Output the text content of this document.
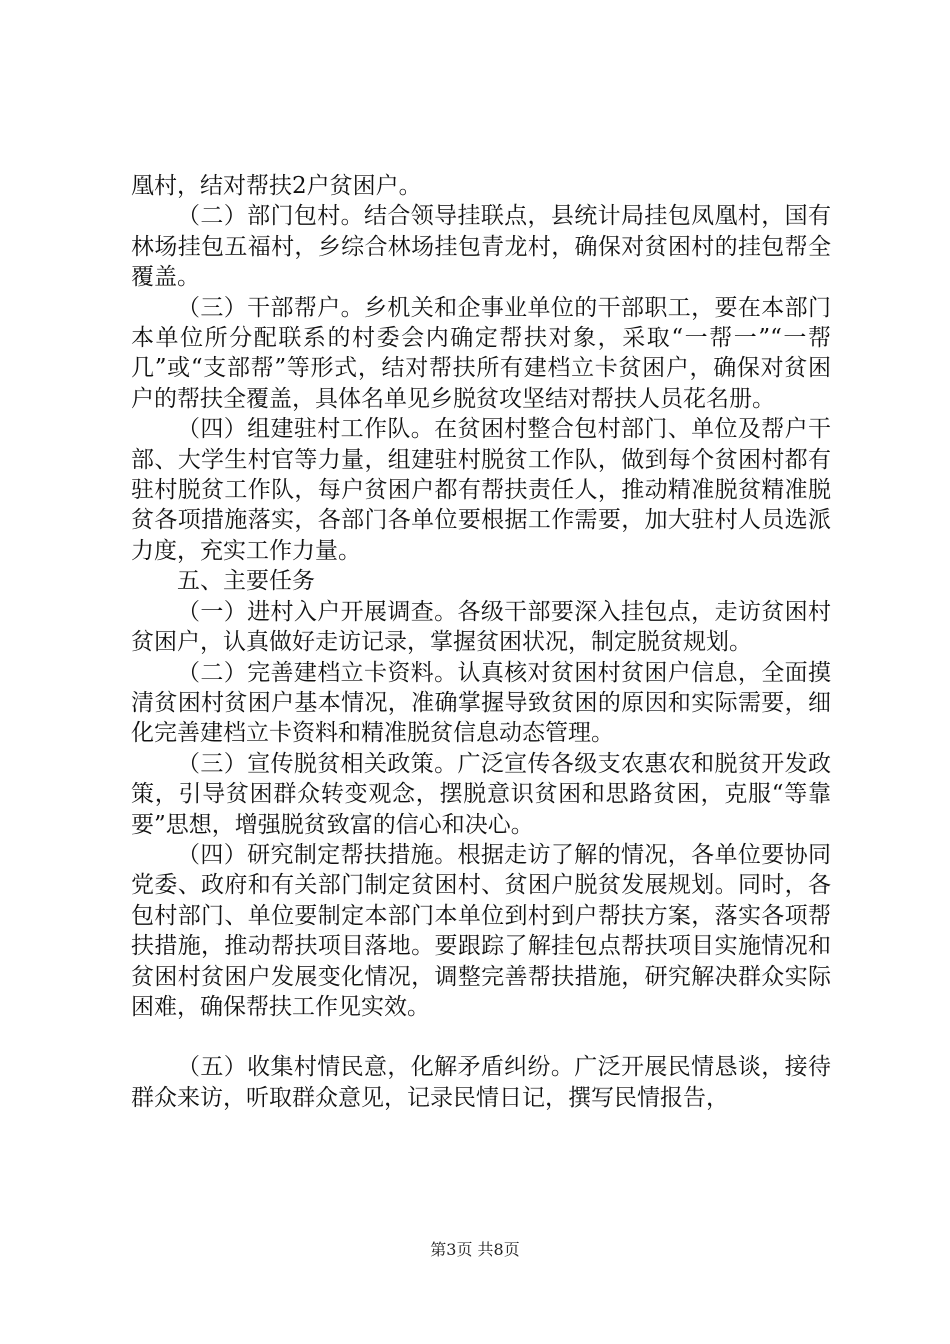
凰村，结对帮扶2户贫困户。

（二）部门包村。结合领导挂联点，县统计局挂包凤凰村，国有林场挂包五福村，乡综合林场挂包青龙村，确保对贫困村的挂包帮全覆盖。

（三）干部帮户。乡机关和企事业单位的干部职工，要在本部门本单位所分配联系的村委会内确定帮扶对象，采取“一帮一”“一帮几”或“支部帮”等形式，结对帮扶所有建档立卡贫困户，确保对贫困户的帮扶全覆盖，具体名单见乡脱贫攻坚结对帮扶人员花名册。

（四）组建驻村工作队。在贫困村整合包村部门、单位及帮户干部、大学生村官等力量，组建驻村脱贫工作队，做到每个贫困村都有驻村脱贫工作队，每户贫困户都有帮扶责任人，推动精准脱贫精准脱贫各项措施落实，各部门各单位要根据工作需要，加大驻村人员选派力度，充实工作力量。

五、主要任务

（一）进村入户开展调查。各级干部要深入挂包点，走访贫困村贫困户，认真做好走访记录，掌握贫困状况，制定脱贫规划。

（二）完善建档立卡资料。认真核对贫困村贫困户信息，全面摸清贫困村贫困户基本情况，准确掌握导致贫困的原因和实际需要，细化完善建档立卡资料和精准脱贫信息动态管理。

（三）宣传脱贫相关政策。广泛宣传各级支农惠农和脱贫开发政策，引导贫困群众转变观念，摆脱意识贫困和思路贫困，克服“等靠要”思想，增强脱贫致富的信心和决心。

（四）研究制定帮扶措施。根据走访了解的情况，各单位要协同党委、政府和有关部门制定贫困村、贫困户脱贫发展规划。同时，各包村部门、单位要制定本部门本单位到村到户帮扶方案，落实各项帮扶措施，推动帮扶项目落地。要跟踪了解挂包点帮扶项目实施情况和贫困村贫困户发展变化情况，调整完善帮扶措施，研究解决群众实际困难，确保帮扶工作见实效。

（五）收集村情民意，化解矛盾纠纷。广泛开展民情恳谈，接待群众来访，听取群众意见，记录民情日记，撰写民情报告，

第3页 共8页
